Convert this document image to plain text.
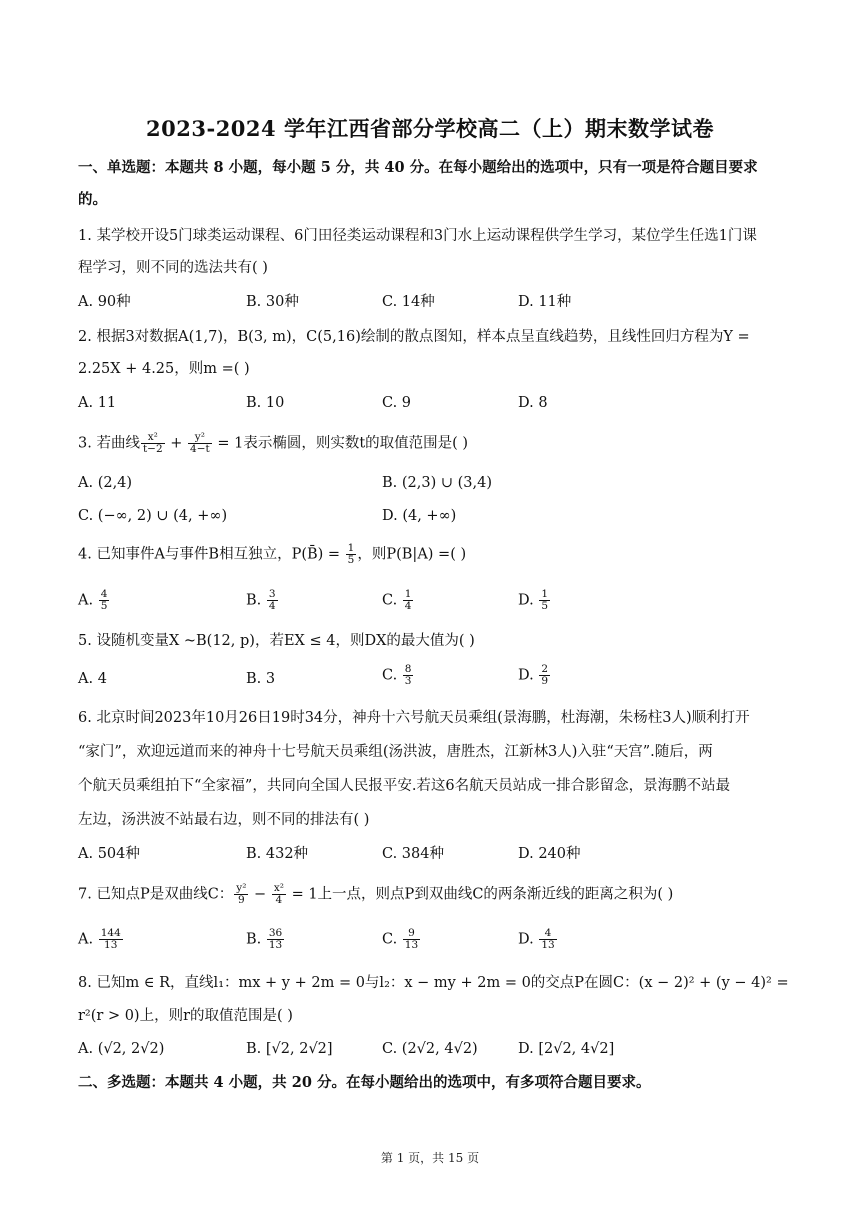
2023-2024 学年江西省部分学校高二（上）期末数学试卷
一、单选题：本题共 8 小题，每小题 5 分，共 40 分。在每小题给出的选项中，只有一项是符合题目要求
的。
1. 某学校开设5门球类运动课程、6门田径类运动课程和3门水上运动课程供学生学习，某位学生任选1门课
程学习，则不同的选法共有( )
A. 90种	B. 30种	C. 14种	D. 11种
2. 根据3对数据A(1,7)，B(3, m)，C(5,16)绘制的散点图知，样本点呈直线趋势，且线性回归方程为Y =
2.25X + 4.25，则m =( )
A. 11	B. 10	C. 9	D. 8
3. 若曲线 $\frac{\text{x²}}{t-2} + \frac{\text{y²}}{4-t} = 1$表示椭圆，则实数t的取值范围是( )
A. (2,4)	B. (2,3) ∪ (3,4)
C. (−∞, 2) ∪ (4, +∞)	D. (4, +∞)
4. 已知事件A与事件B相互独立，P(B̄) = $\frac{1}{5}$ ，则P(B|A) =( )
A. $\frac{4}{5}$	B. $\frac{3}{4}$	C. $\frac{1}{4}$	D. $\frac{1}{5}$
5. 设随机变量X ~B(12, p)，若EX ≤ 4，则DX的最大值为( )
A. 4	B. 3	C. $\frac{8}{3}$	D. $\frac{2}{9}$
6. 北京时间2023年10月26日19时34分，神舟十六号航天员乘组(景海鹏，杜海潮，朱杨柱3人)顺利打开
“家门”，欢迎远道而来的神舟十七号航天员乘组(汤洪波，唐胜杰，江新林3人)入驻“天宫”.随后，两
个航天员乘组拍下“全家福”，共同向全国人民报平安.若这6名航天员站成一排合影留念，景海鹏不站最
左边，汤洪波不站最右边，则不同的排法有( )
A. 504种	B. 432种	C. 384种	D. 240种
7. 已知点P是双曲线C： $\frac{\text{y²}}{9} - \frac{\text{x²}}{4} = 1$上一点，则点P到双曲线C的两条渐近线的距离之积为( )
A. $\frac{144}{13}$	B. $\frac{36}{13}$	C. $\frac{9}{13}$	D. $\frac{4}{13}$
8. 已知m ∈ R，直线l₁：mx + y + 2m = 0与l₂：x − my + 2m = 0的交点P在圆C：(x − 2)² + (y − 4)² =
r²(r > 0)上，则r的取值范围是( )
A. (√2, 2√2)	B. [√2, 2√2]	C. (2√2, 4√2)	D. [2√2, 4√2]
二、多选题：本题共 4 小题，共 20 分。在每小题给出的选项中，有多项符合题目要求。
第 1 页，共 15 页
